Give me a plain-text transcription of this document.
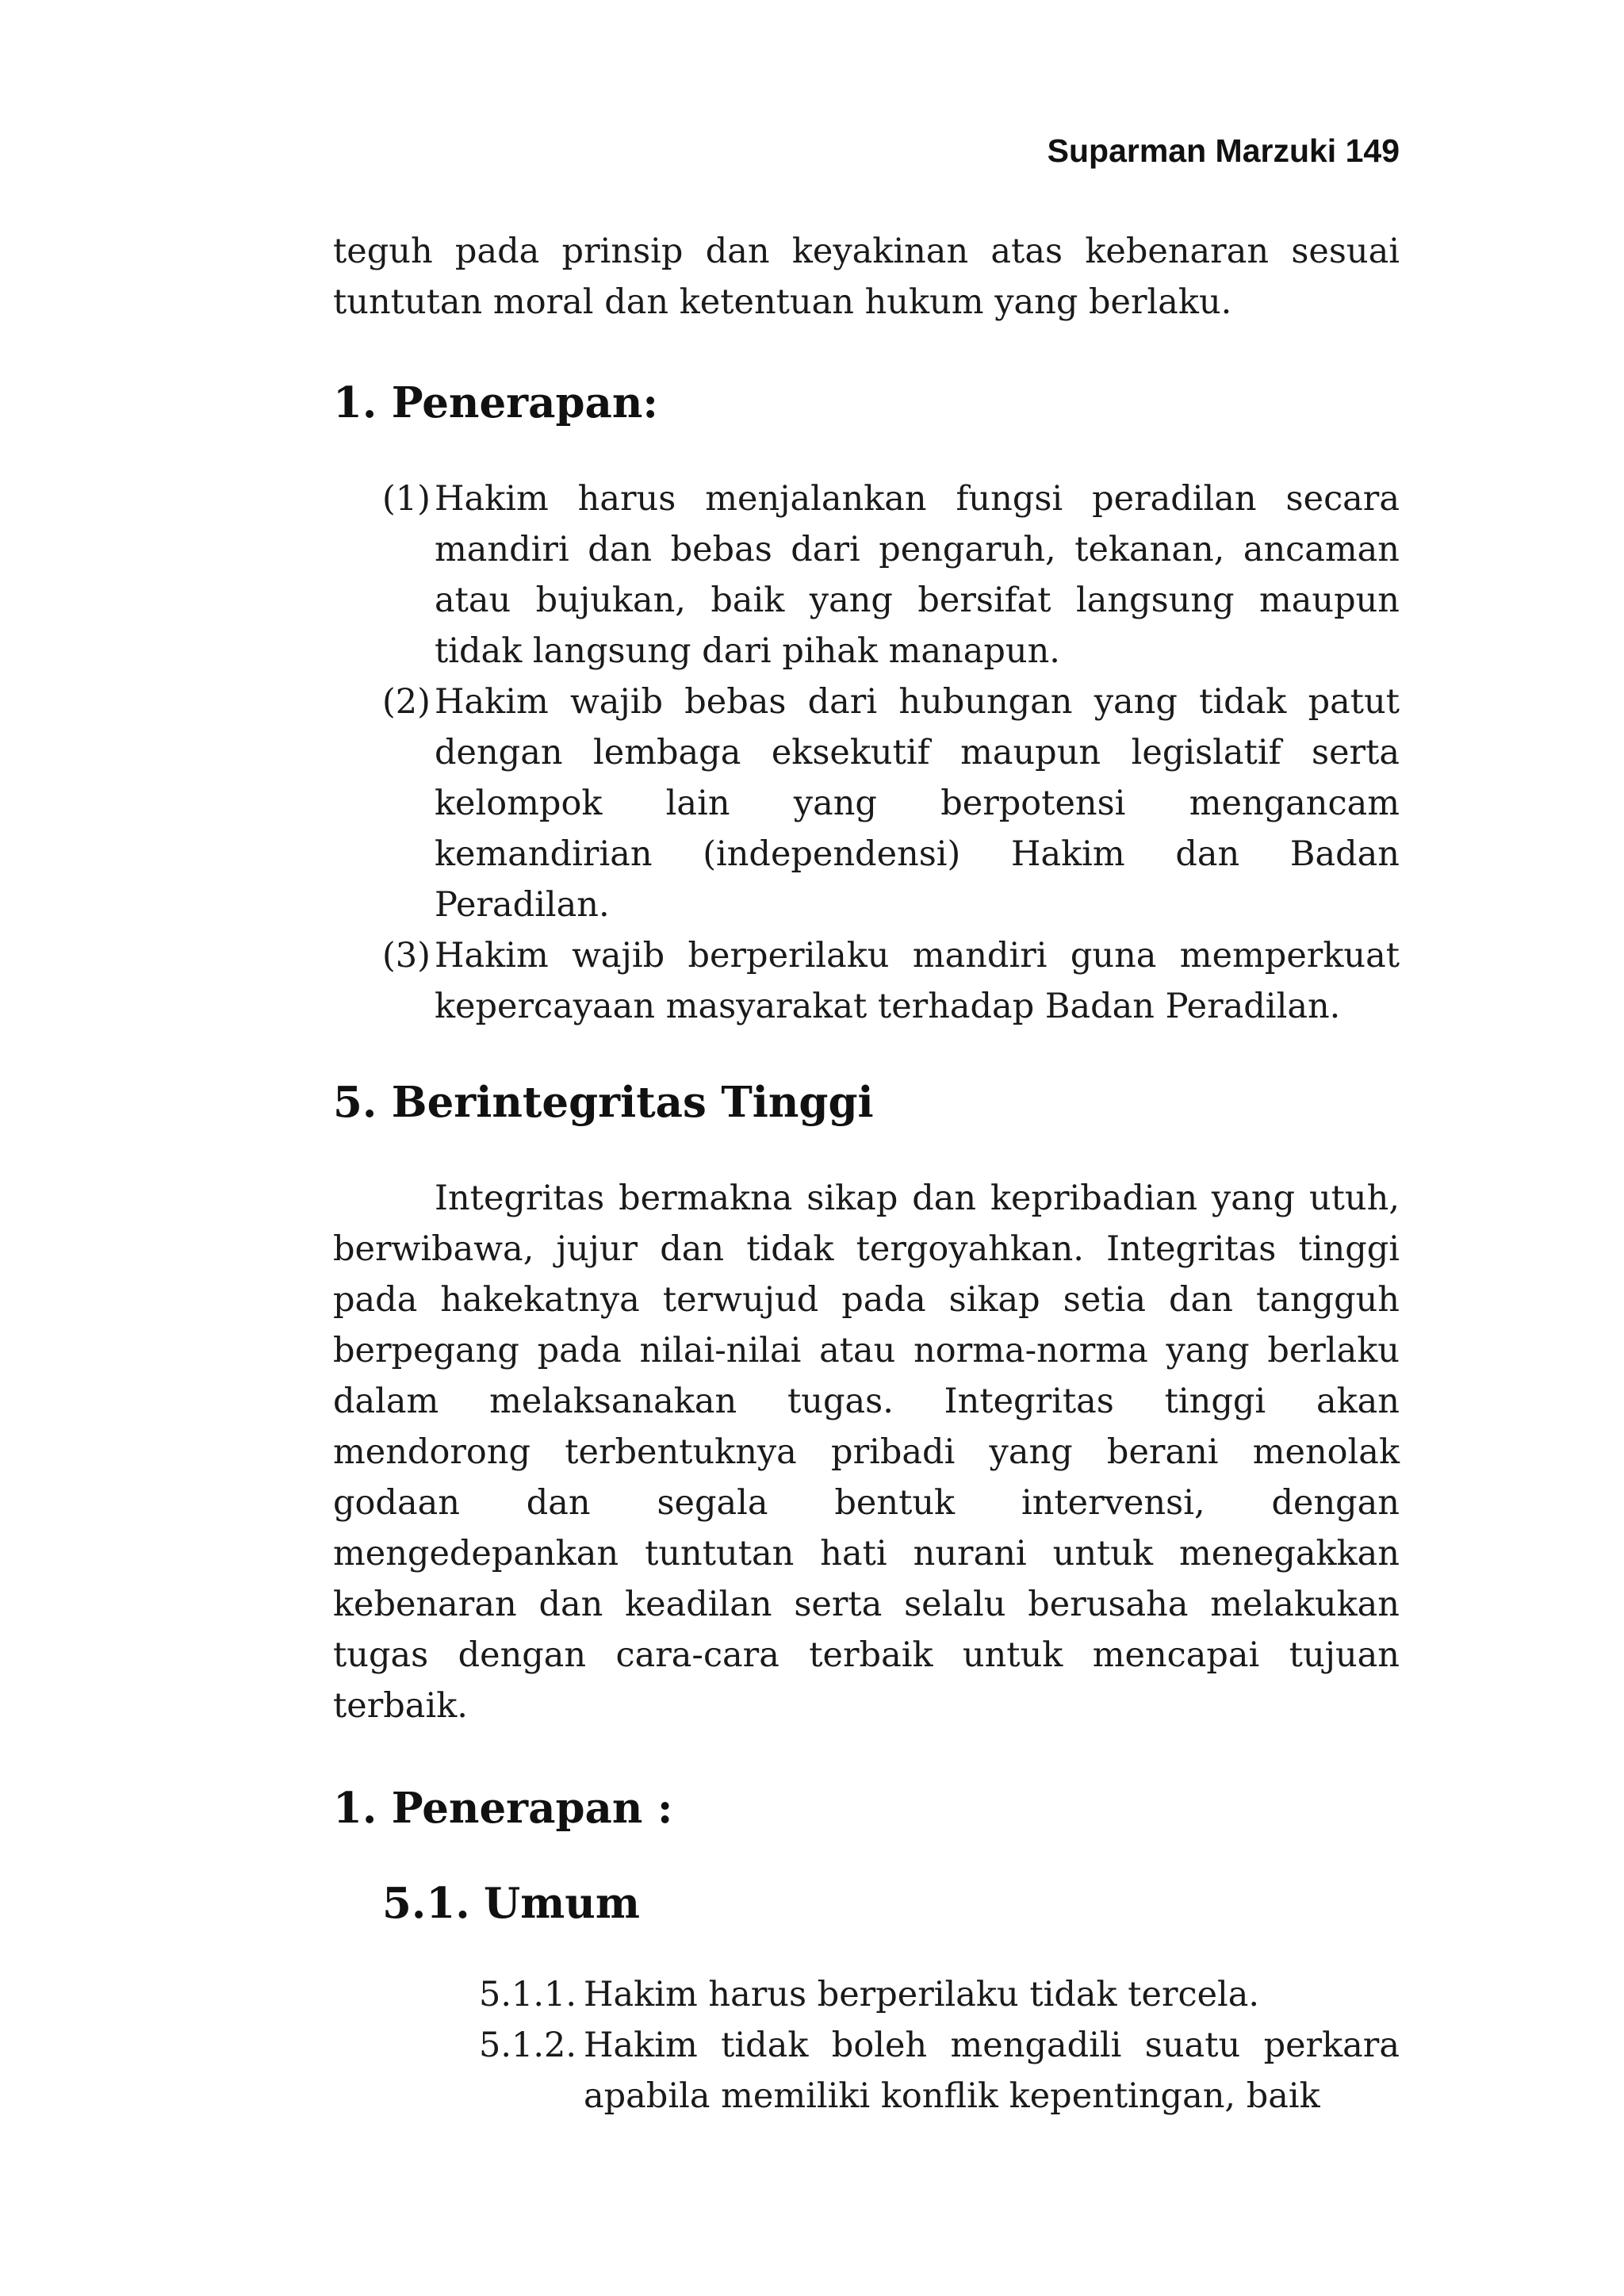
Suparman Marzuki 149

teguh pada prinsip dan keyakinan atas kebenaran sesuai tuntutan moral dan ketentuan hukum yang berlaku.

1. Penerapan:
(1) Hakim harus menjalankan fungsi peradilan secara mandiri dan bebas dari pengaruh, tekanan, ancaman atau bujukan, baik yang bersifat langsung maupun tidak langsung dari pihak manapun.
(2) Hakim wajib bebas dari hubungan yang tidak patut dengan lembaga eksekutif maupun legislatif serta kelompok lain yang berpotensi mengancam kemandirian (independensi) Hakim dan Badan Peradilan.
(3) Hakim wajib berperilaku mandiri guna memperkuat kepercayaan masyarakat terhadap Badan Peradilan.
5. Berintegritas Tinggi

Integritas bermakna sikap dan kepribadian yang utuh, berwibawa, jujur dan tidak tergoyahkan. Integritas tinggi pada hakekatnya terwujud pada sikap setia dan tangguh berpegang pada nilai-nilai atau norma-norma yang berlaku dalam melaksanakan tugas. Integritas tinggi akan mendorong terbentuknya pribadi yang berani menolak godaan dan segala bentuk intervensi, dengan mengedepankan tuntutan hati nurani untuk menegakkan kebenaran dan keadilan serta selalu berusaha melakukan tugas dengan cara-cara terbaik untuk mencapai tujuan terbaik.

1. Penerapan :
5.1. Umum
5.1.1. Hakim harus berperilaku tidak tercela.
5.1.2. Hakim tidak boleh mengadili suatu perkara apabila memiliki konflik kepentingan, baik
